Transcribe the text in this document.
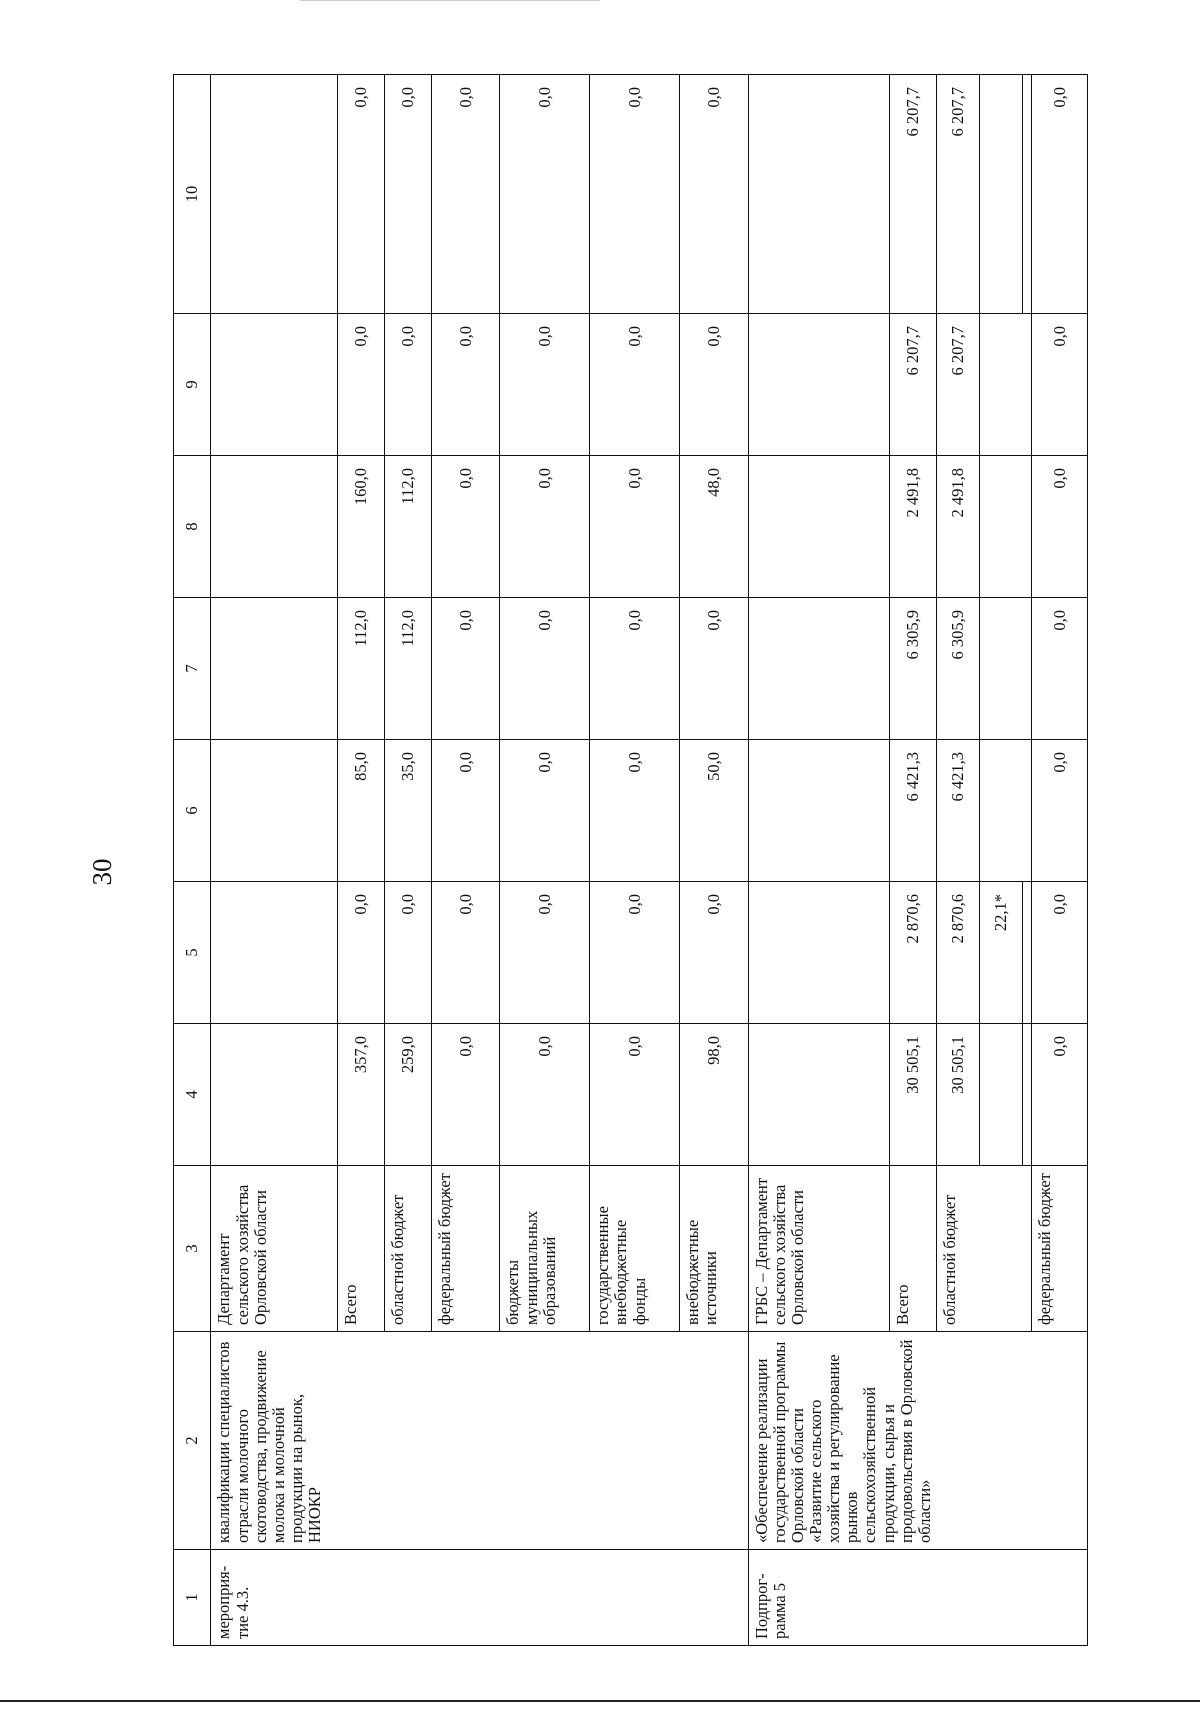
30
1	2	3	4	5	6	7	8	9	10
мероприя-тие 4.3.	квалификации специалистов отрасли молочного скотоводства, продвижение молока и молочной продукции на рынок, НИОКР	Департамент сельского хозяйства Орловской области							
		Всего	357,0	0,0	85,0	112,0	160,0	0,0	0,0
		областной бюджет	259,0	0,0	35,0	112,0	112,0	0,0	0,0
		федеральный бюджет	0,0	0,0	0,0	0,0	0,0	0,0	0,0
		бюджеты муниципальных образований	0,0	0,0	0,0	0,0	0,0	0,0	0,0
		государственные внебюджетные фонды	0,0	0,0	0,0	0,0	0,0	0,0	0,0
		внебюджетные источники	98,0	0,0	50,0	0,0	48,0	0,0	0,0
Подпрог-рамма 5	«Обеспечение реализации государственной программы Орловской области «Развитие сельского хозяйства и регулирование рынков сельскохозяйственной продукции, сырья и продовольствия в Орловской области»	ГРБС – Департамент сельского хозяйства Орловской области							
		Всего	30 505,1	2 870,6	6 421,3	6 305,9	2 491,8	6 207,7	6 207,7
		областной бюджет	30 505,1	2 870,6	6 421,3	6 305,9	2 491,8	6 207,7	6 207,7
				22,1*					

		федеральный бюджет	0,0	0,0	0,0	0,0	0,0	0,0	0,0
